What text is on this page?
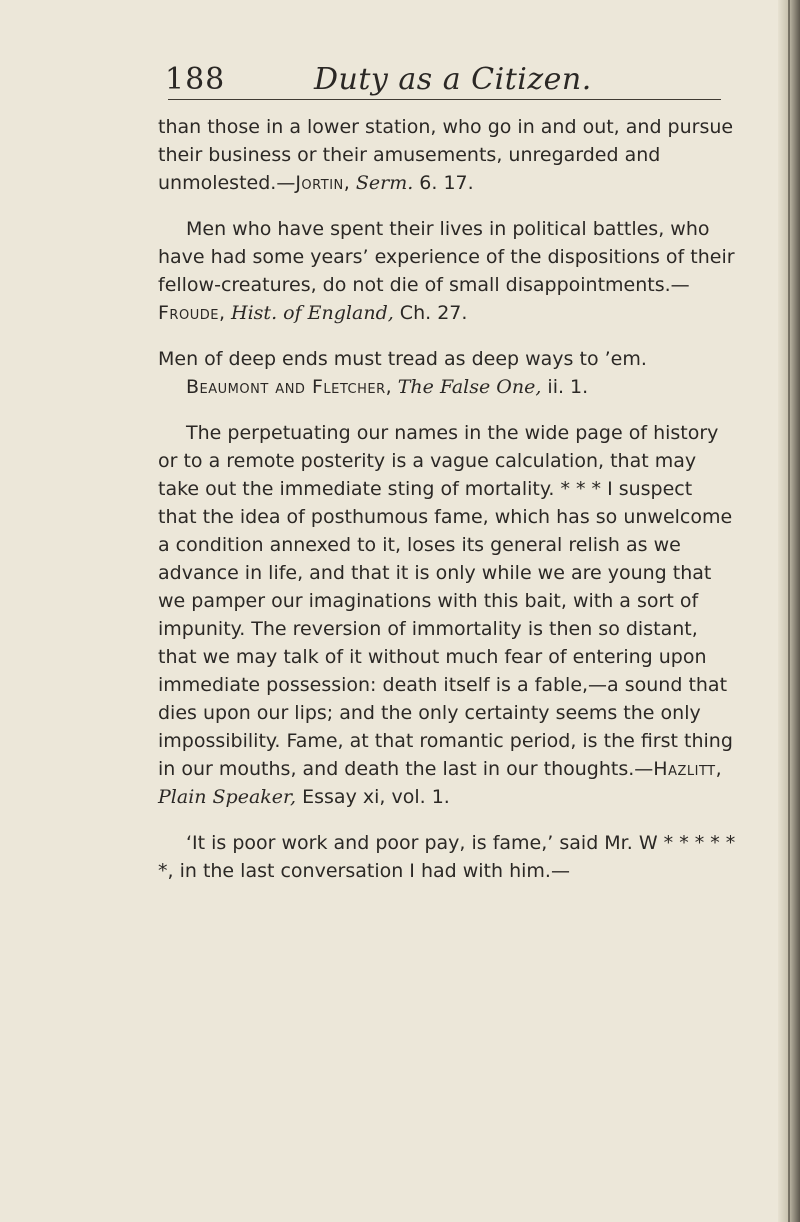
188	Duty as a Citizen.

than those in a lower station, who go in and out, and pursue their business or their amusements, unregarded and unmolested.—Jortin, Serm. 6. 17.

Men who have spent their lives in political battles, who have had some years’ experience of the dispositions of their fellow-creatures, do not die of small disappointments.—Froude, Hist. of England, Ch. 27.

Men of deep ends must tread as deep ways to ’em.
Beaumont and Fletcher, The False One, ii. 1.

The perpetuating our names in the wide page of history or to a remote posterity is a vague calculation, that may take out the immediate sting of mortality. * * * I suspect that the idea of posthumous fame, which has so unwelcome a condition annexed to it, loses its general relish as we advance in life, and that it is only while we are young that we pamper our imaginations with this bait, with a sort of impunity. The reversion of immortality is then so distant, that we may talk of it without much fear of entering upon immediate possession: death itself is a fable,—a sound that dies upon our lips; and the only certainty seems the only impossibility. Fame, at that romantic period, is the first thing in our mouths, and death the last in our thoughts.—Hazlitt, Plain Speaker, Essay xi, vol. 1.

‘It is poor work and poor pay, is fame,’ said Mr. W * * * * * *, in the last conversation I had with him.—
